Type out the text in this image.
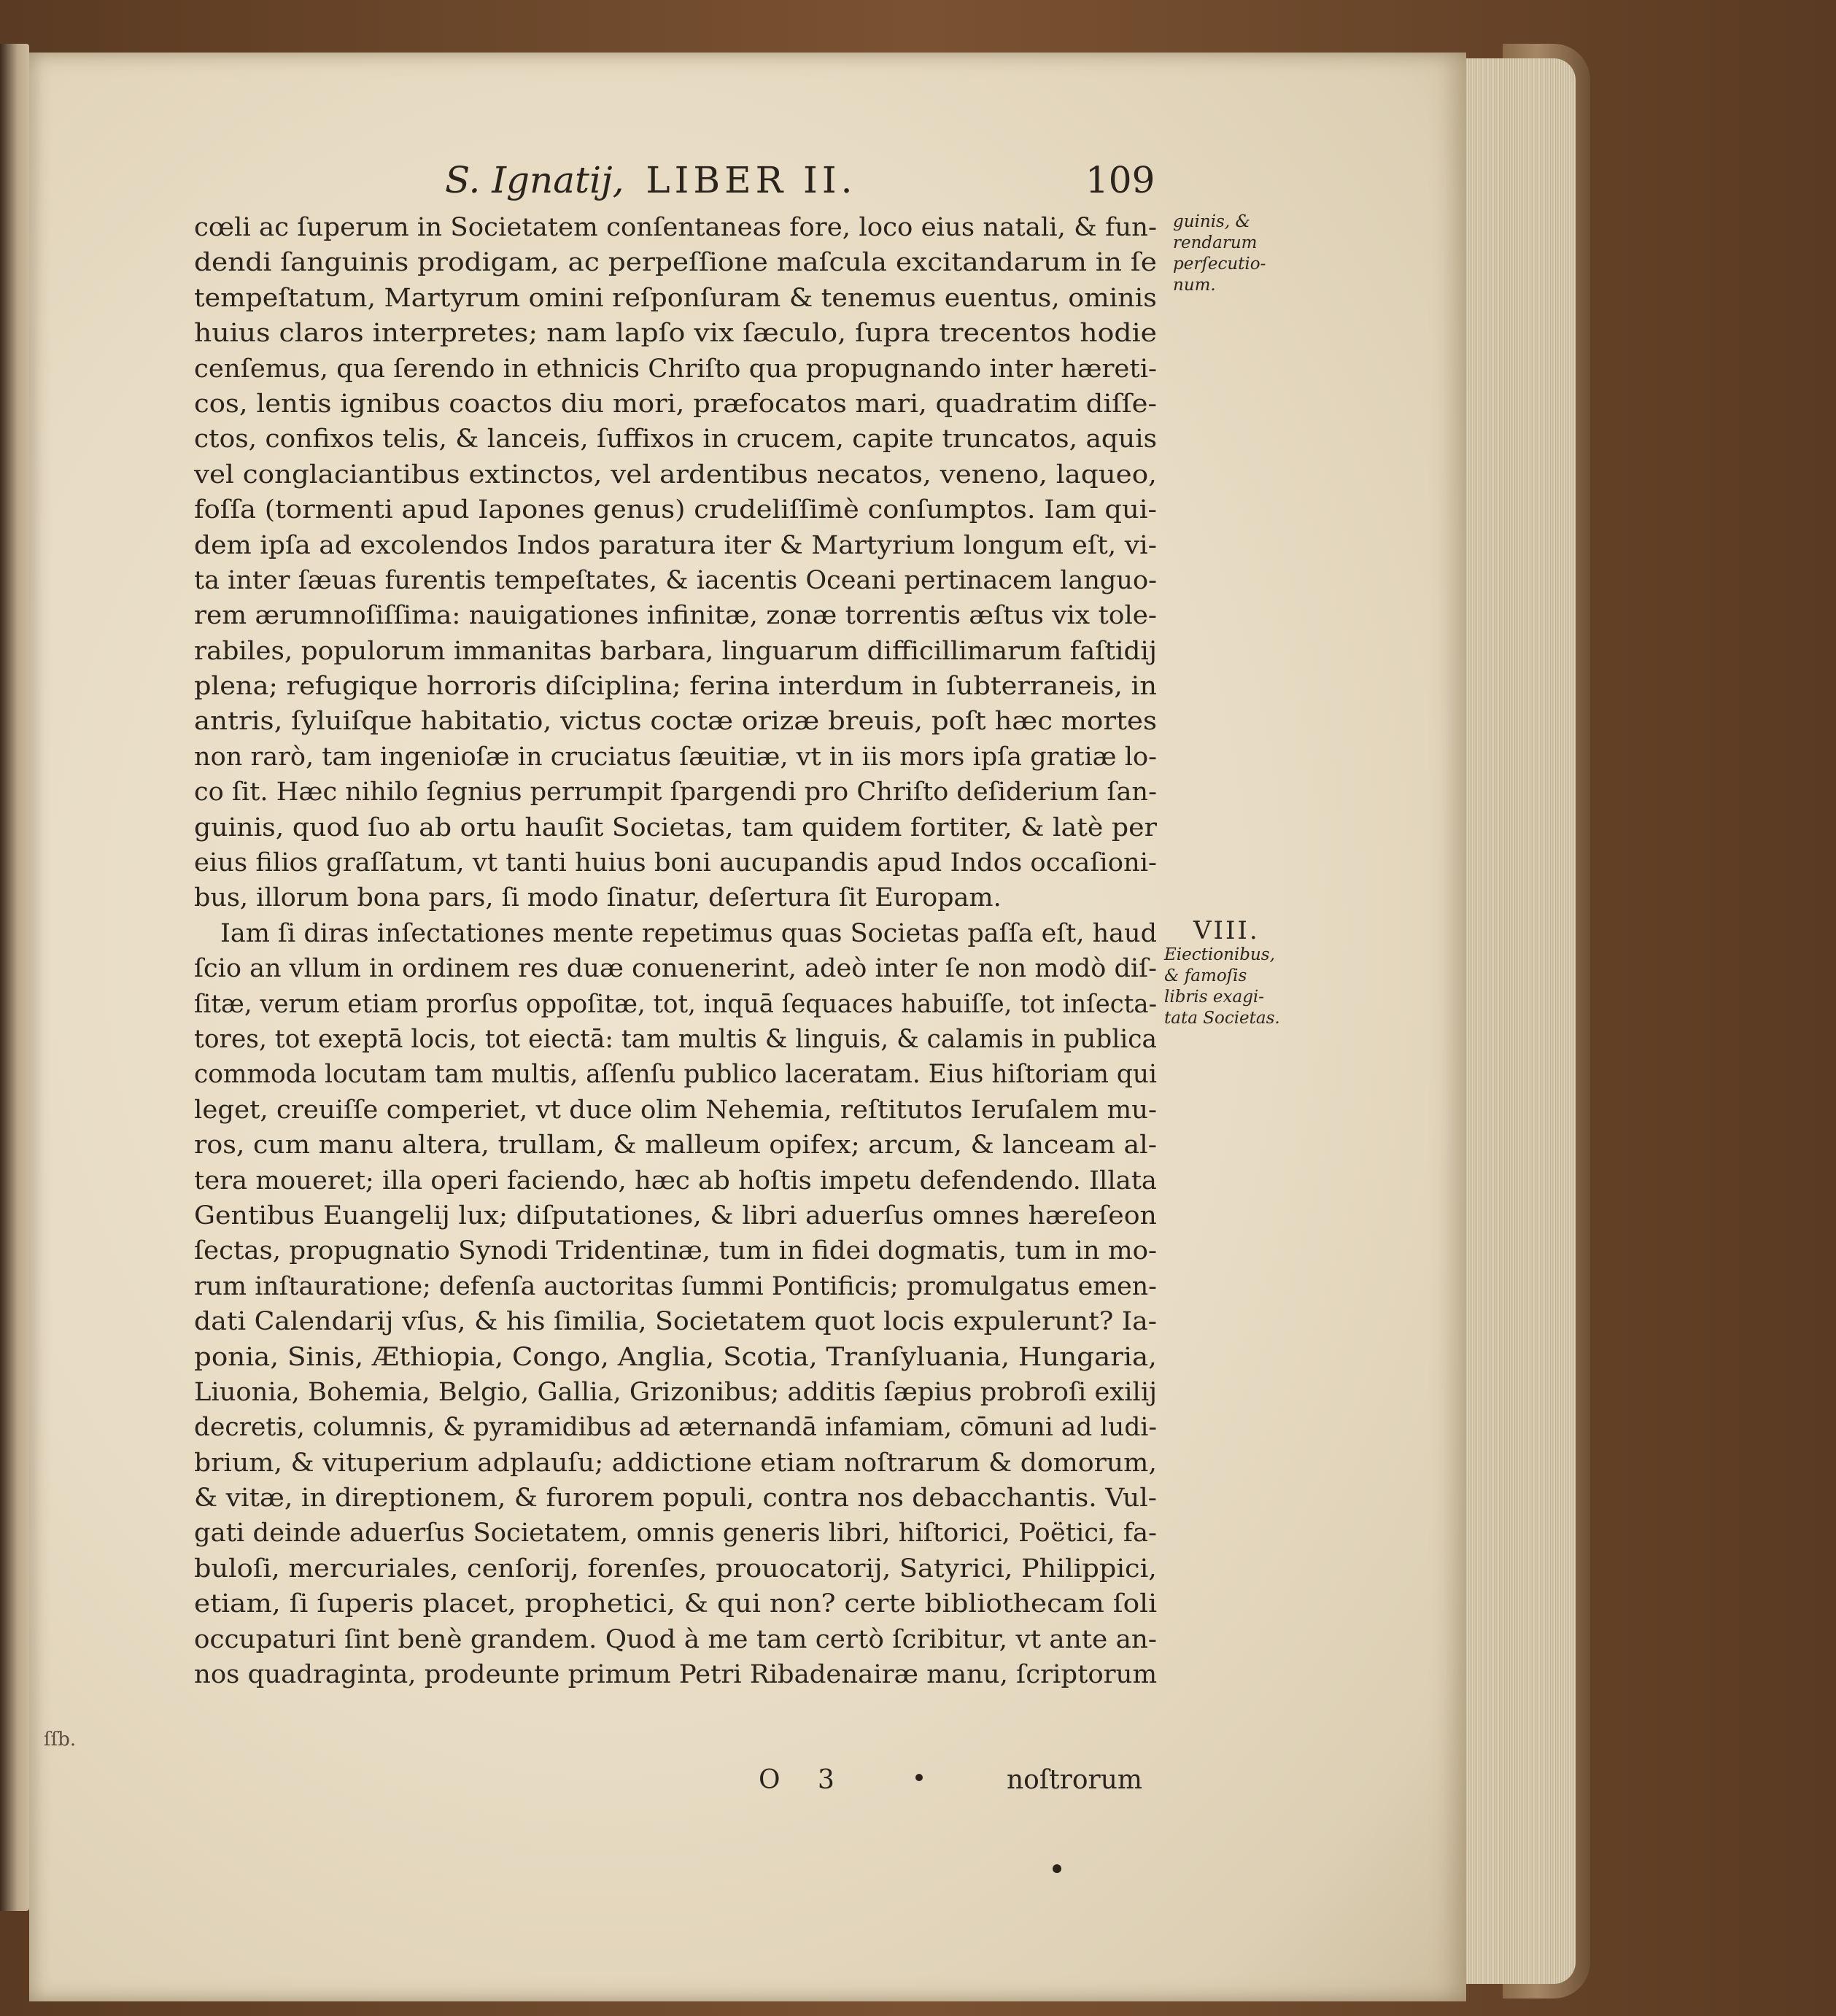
S. Ignatij, LIBER II.	109
cœli ac ſuperum in Societatem conſentaneas fore, loco eius natali, & fun-
dendi ſanguinis prodigam, ac perpeſſione maſcula excitandarum in ſe
tempeſtatum, Martyrum omini reſponſuram & tenemus euentus, ominis
huius claros interpretes; nam lapſo vix ſæculo, ſupra trecentos hodie
cenſemus, qua ſerendo in ethnicis Chriſto qua propugnando inter hæreti-
cos, lentis ignibus coactos diu mori, præfocatos mari, quadratim diſſe-
ctos, confixos telis, & lanceis, ſuffixos in crucem, capite truncatos, aquis
vel conglaciantibus extinctos, vel ardentibus necatos, veneno, laqueo,
foſſa (tormenti apud Iapones genus) crudeliſſimè conſumptos. Iam qui-
dem ipſa ad excolendos Indos paratura iter & Martyrium longum eſt, vi-
ta inter ſæuas furentis tempeſtates, & iacentis Oceani pertinacem languo-
rem ærumnoſiſſima: nauigationes infinitæ, zonæ torrentis æſtus vix tole-
rabiles, populorum immanitas barbara, linguarum difficillimarum faſtidij
plena; refugique horroris diſciplina; ferina interdum in ſubterraneis, in
antris, ſyluiſque habitatio, victus coctæ orizæ breuis, poſt hæc mortes
non rarò, tam ingenioſæ in cruciatus ſæuitiæ, vt in iis mors ipſa gratiæ lo-
co ſit. Hæc nihilo ſegnius perrumpit ſpargendi pro Chriſto deſiderium ſan-
guinis, quod ſuo ab ortu hauſit Societas, tam quidem fortiter, & latè per
eius filios graſſatum, vt tanti huius boni aucupandis apud Indos occaſioni-
bus, illorum bona pars, ſi modo ſinatur, deſertura ſit Europam.
Iam ſi diras inſectationes mente repetimus quas Societas paſſa eſt, haud
ſcio an vllum in ordinem res duæ conuenerint, adeò inter ſe non modò diſ-
ſitæ, verum etiam prorſus oppoſitæ, tot, inquā ſequaces habuiſſe, tot inſecta-
tores, tot exeptā locis, tot eiectā: tam multis & linguis, & calamis in publica
commoda locutam tam multis, aſſenſu publico laceratam. Eius hiſtoriam qui
leget, creuiſſe comperiet, vt duce olim Nehemia, reſtitutos Ieruſalem mu-
ros, cum manu altera, trullam, & malleum opifex; arcum, & lanceam al-
tera moueret; illa operi faciendo, hæc ab hoſtis impetu defendendo. Illata
Gentibus Euangelij lux; diſputationes, & libri aduerſus omnes hæreſeon
ſectas, propugnatio Synodi Tridentinæ, tum in fidei dogmatis, tum in mo-
rum inſtauratione; defenſa auctoritas ſummi Pontificis; promulgatus emen-
dati Calendarij vſus, & his ſimilia, Societatem quot locis expulerunt? Ia-
ponia, Sinis, Æthiopia, Congo, Anglia, Scotia, Tranſyluania, Hungaria,
Liuonia, Bohemia, Belgio, Gallia, Grizonibus; additis ſæpius probroſi exilij
decretis, columnis, & pyramidibus ad æternandā infamiam, cōmuni ad ludi-
brium, & vituperium adplauſu; addictione etiam noſtrarum & domorum,
& vitæ, in direptionem, & furorem populi, contra nos debacchantis. Vul-
gati deinde aduerſus Societatem, omnis generis libri, hiſtorici, Poëtici, fa-
buloſi, mercuriales, cenſorij, forenſes, prouocatorij, Satyrici, Philippici,
etiam, ſi ſuperis placet, prophetici, & qui non? certe bibliothecam ſoli
occupaturi ſint benè grandem. Quod à me tam certò ſcribitur, vt ante an-
nos quadraginta, prodeunte primum Petri Ribadenairæ manu, ſcriptorum
guinis, &
rendarum
perſecutio-
num.
VIII.
Eiectionibus,
& famoſis
libris exagi-
tata Societas.
O 3	noſtrorum
ſſb.
